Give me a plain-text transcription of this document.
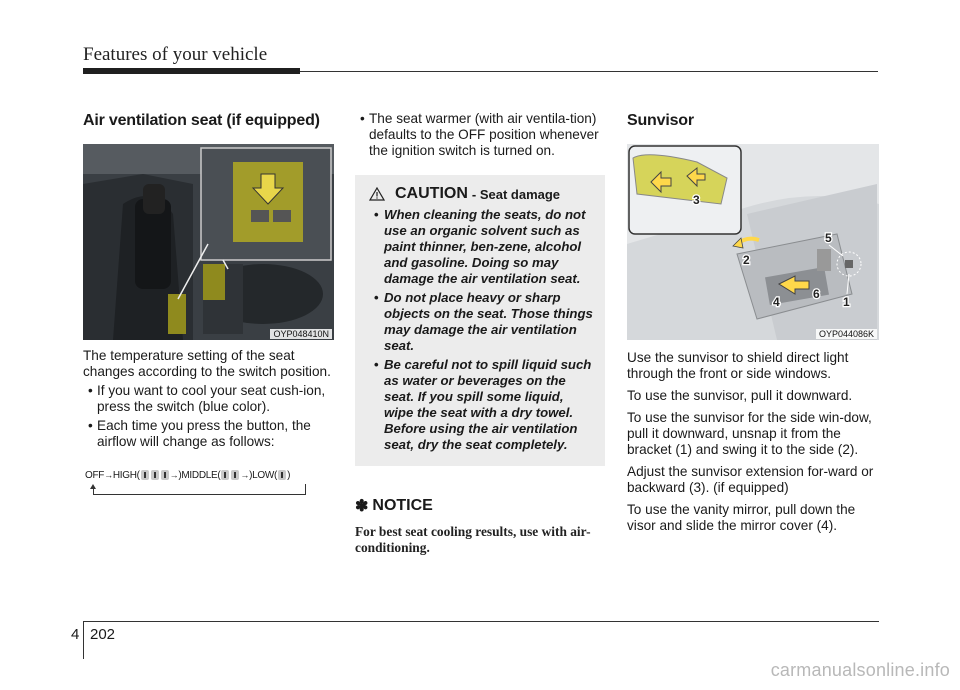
Features of your vehicle
Air ventilation seat (if equipped)
OYP048410N

The temperature setting of the seat changes according to the switch position.

• If you want to cool your seat cush-ion, press the switch (blue color).
• Each time you press the button, the airflow will change as follows:
OFF→HIGH(	→)MIDDLE( →)LOW( )
• The seat warmer (with air ventila-tion) defaults to the OFF position whenever the ignition switch is turned on.
CAUTION - Seat damage
• When cleaning the seats, do not use an organic solvent such as paint thinner, ben-zene, alcohol and gasoline. Doing so may damage the air ventilation seat.
• Do not place heavy or sharp objects on the seat. Those things may damage the air ventilation seat.
• Be careful not to spill liquid such as water or beverages on the seat. If you spill some liquid, wipe the seat with a dry towel. Before using the air ventilation seat, dry the seat completely.
✽ NOTICE

For best seat cooling results, use with air-conditioning.

Sunvisor
3
2
5
6
4	1
OYP044086K

Use the sunvisor to shield direct light through the front or side windows.

To use the sunvisor, pull it downward.

To use the sunvisor for the side win-dow, pull it downward, unsnap it from the bracket (1) and swing it to the side (2).

Adjust the sunvisor extension for-ward or backward (3). (if equipped)

To use the vanity mirror, pull down the visor and slide the mirror cover (4).

4 202
carmanualsonline.info
